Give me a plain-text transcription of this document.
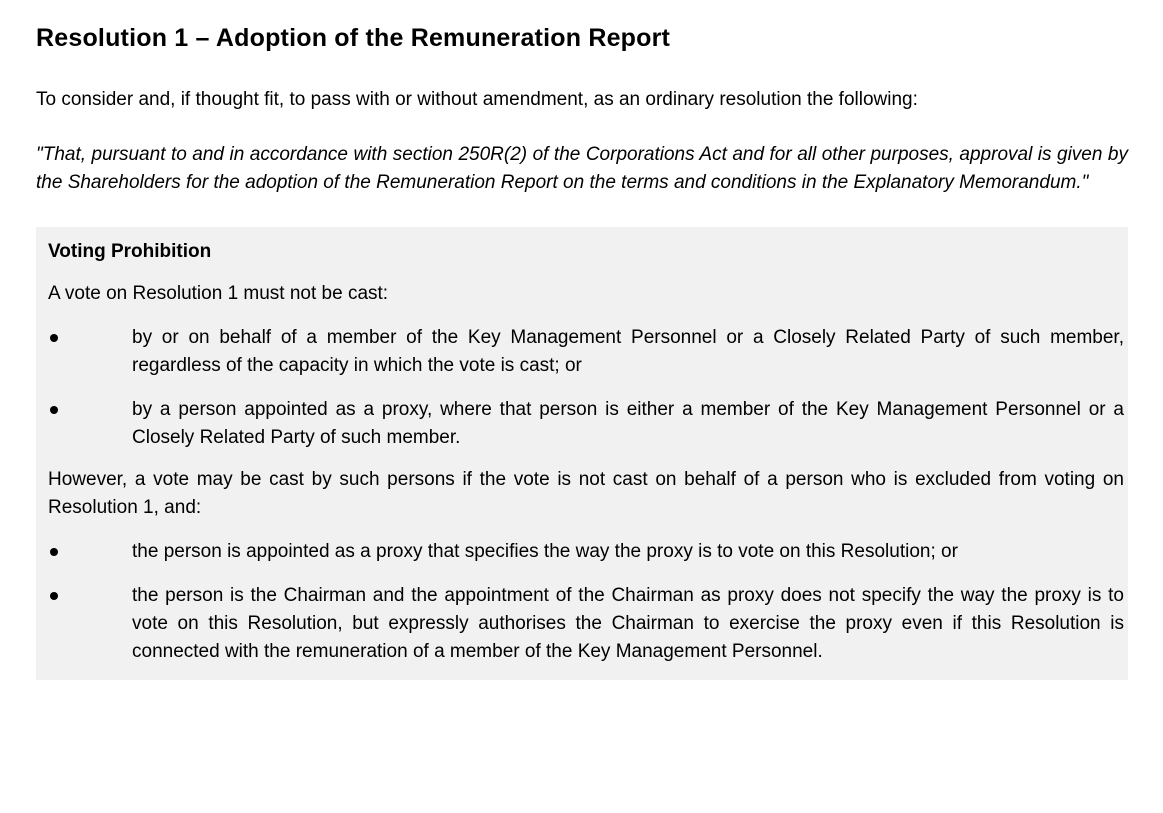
Resolution 1 – Adoption of the Remuneration Report

To consider and, if thought fit, to pass with or without amendment, as an ordinary resolution the following:

"That, pursuant to and in accordance with section 250R(2) of the Corporations Act and for all other purposes, approval is given by the Shareholders for the adoption of the Remuneration Report on the terms and conditions in the Explanatory Memorandum."

Voting Prohibition

A vote on Resolution 1 must not be cast:

by or on behalf of a member of the Key Management Personnel or a Closely Related Party of such member, regardless of the capacity in which the vote is cast; or
by a person appointed as a proxy, where that person is either a member of the Key Management Personnel or a Closely Related Party of such member.

However, a vote may be cast by such persons if the vote is not cast on behalf of a person who is excluded from voting on Resolution 1, and:

the person is appointed as a proxy that specifies the way the proxy is to vote on this Resolution; or
the person is the Chairman and the appointment of the Chairman as proxy does not specify the way the proxy is to vote on this Resolution, but expressly authorises the Chairman to exercise the proxy even if this Resolution is connected with the remuneration of a member of the Key Management Personnel.
